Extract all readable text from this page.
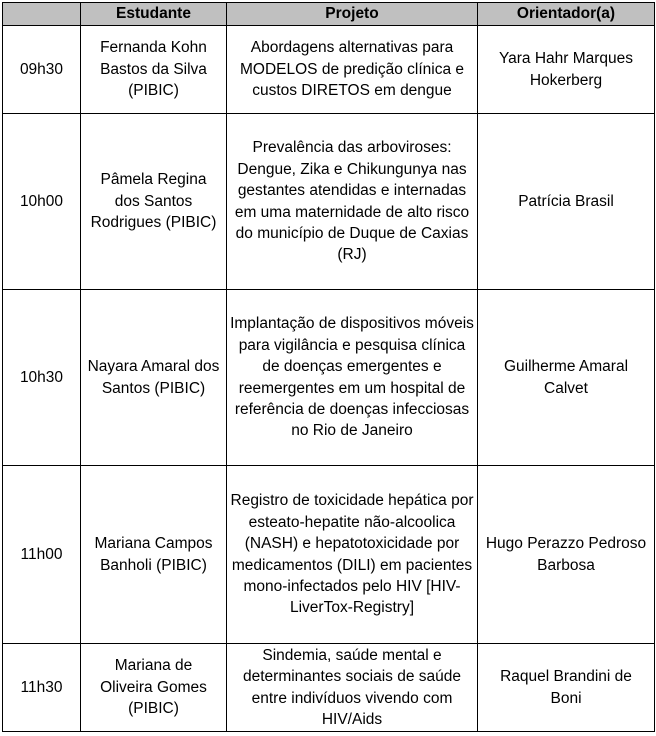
	Estudante	Projeto	Orientador(a)
09h30	Fernanda Kohn Bastos da Silva (PIBIC)	Abordagens alternativas para MODELOS de predição clínica e custos DIRETOS em dengue	Yara Hahr Marques Hokerberg
10h00	Pâmela Regina dos Santos Rodrigues (PIBIC)	Prevalência das arboviroses: Dengue, Zika e Chikungunya nas gestantes atendidas e internadas em uma maternidade de alto risco do município de Duque de Caxias (RJ)	Patrícia Brasil
10h30	Nayara Amaral dos Santos (PIBIC)	Implantação de dispositivos móveis para vigilância e pesquisa clínica de doenças emergentes e reemergentes em um hospital de referência de doenças infecciosas no Rio de Janeiro	Guilherme Amaral Calvet
11h00	Mariana Campos Banholi (PIBIC)	Registro de toxicidade hepática por esteato-hepatite não-alcoolica (NASH) e hepatotoxicidade por medicamentos (DILI) em pacientes mono-infectados pelo HIV [HIV-LiverTox-Registry]	Hugo Perazzo Pedroso Barbosa
11h30	Mariana de Oliveira Gomes (PIBIC)	Sindemia, saúde mental e determinantes sociais de saúde entre indivíduos vivendo com HIV/Aids	Raquel Brandini de Boni
